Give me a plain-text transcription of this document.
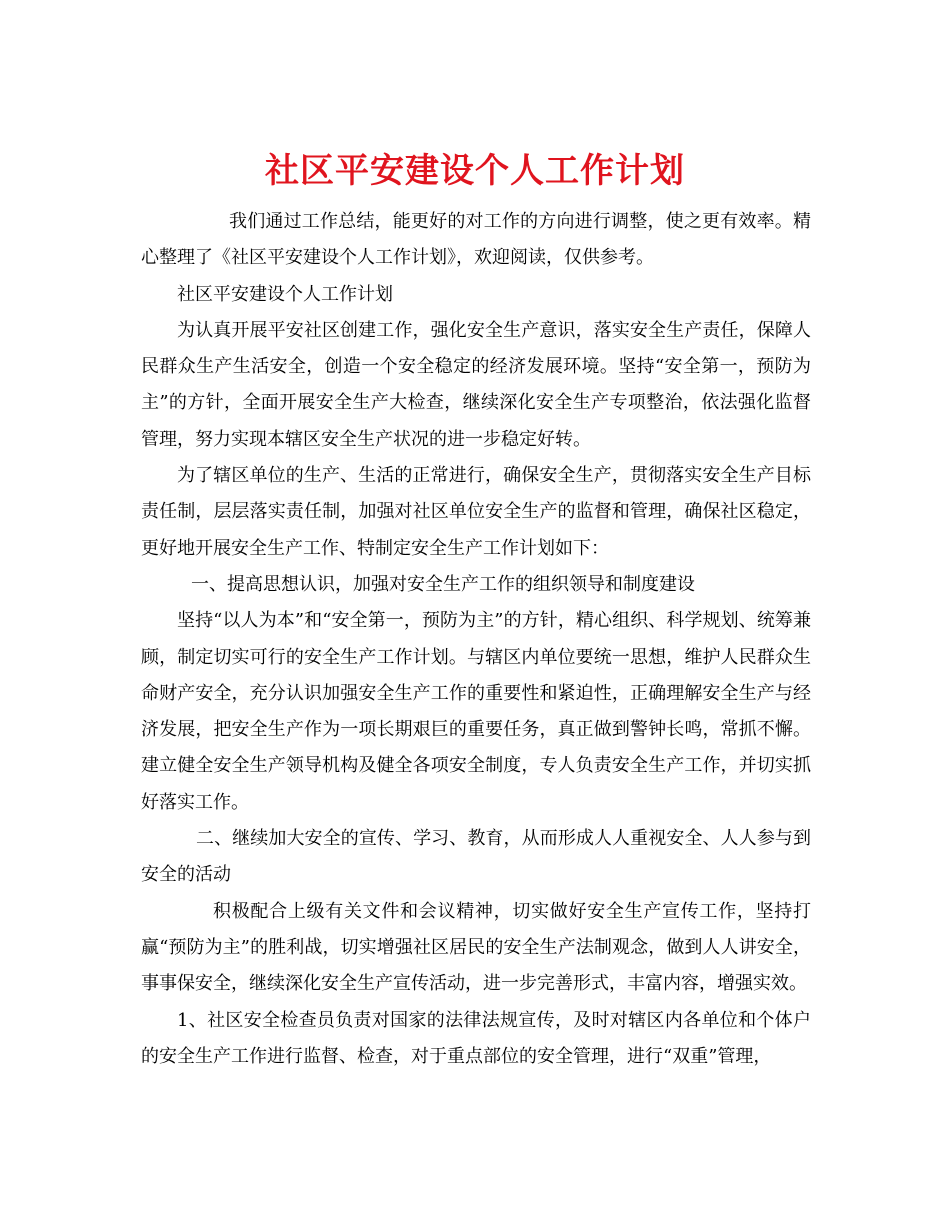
社区平安建设个人工作计划

我们通过工作总结，能更好的对工作的方向进行调整，使之更有效率。精心整理了《社区平安建设个人工作计划》，欢迎阅读，仅供参考。

社区平安建设个人工作计划

为认真开展平安社区创建工作，强化安全生产意识，落实安全生产责任，保障人民群众生产生活安全，创造一个安全稳定的经济发展环境。坚持“安全第一，预防为主”的方针，全面开展安全生产大检查，继续深化安全生产专项整治，依法强化监督管理，努力实现本辖区安全生产状况的进一步稳定好转。

为了辖区单位的生产、生活的正常进行，确保安全生产，贯彻落实安全生产目标责任制，层层落实责任制，加强对社区单位安全生产的监督和管理，确保社区稳定，更好地开展安全生产工作、特制定安全生产工作计划如下：

一、提高思想认识，加强对安全生产工作的组织领导和制度建设

坚持“以人为本”和“安全第一，预防为主”的方针，精心组织、科学规划、统筹兼顾，制定切实可行的安全生产工作计划。与辖区内单位要统一思想，维护人民群众生命财产安全，充分认识加强安全生产工作的重要性和紧迫性，正确理解安全生产与经济发展，把安全生产作为一项长期艰巨的重要任务，真正做到警钟长鸣，常抓不懈。建立健全安全生产领导机构及健全各项安全制度，专人负责安全生产工作，并切实抓好落实工作。

二、继续加大安全的宣传、学习、教育，从而形成人人重视安全、人人参与到安全的活动

积极配合上级有关文件和会议精神，切实做好安全生产宣传工作，坚持打赢“预防为主”的胜利战，切实增强社区居民的安全生产法制观念，做到人人讲安全，事事保安全，继续深化安全生产宣传活动，进一步完善形式，丰富内容，增强实效。

1、社区安全检查员负责对国家的法律法规宣传，及时对辖区内各单位和个体户的安全生产工作进行监督、检查，对于重点部位的安全管理，进行“双重”管理，
